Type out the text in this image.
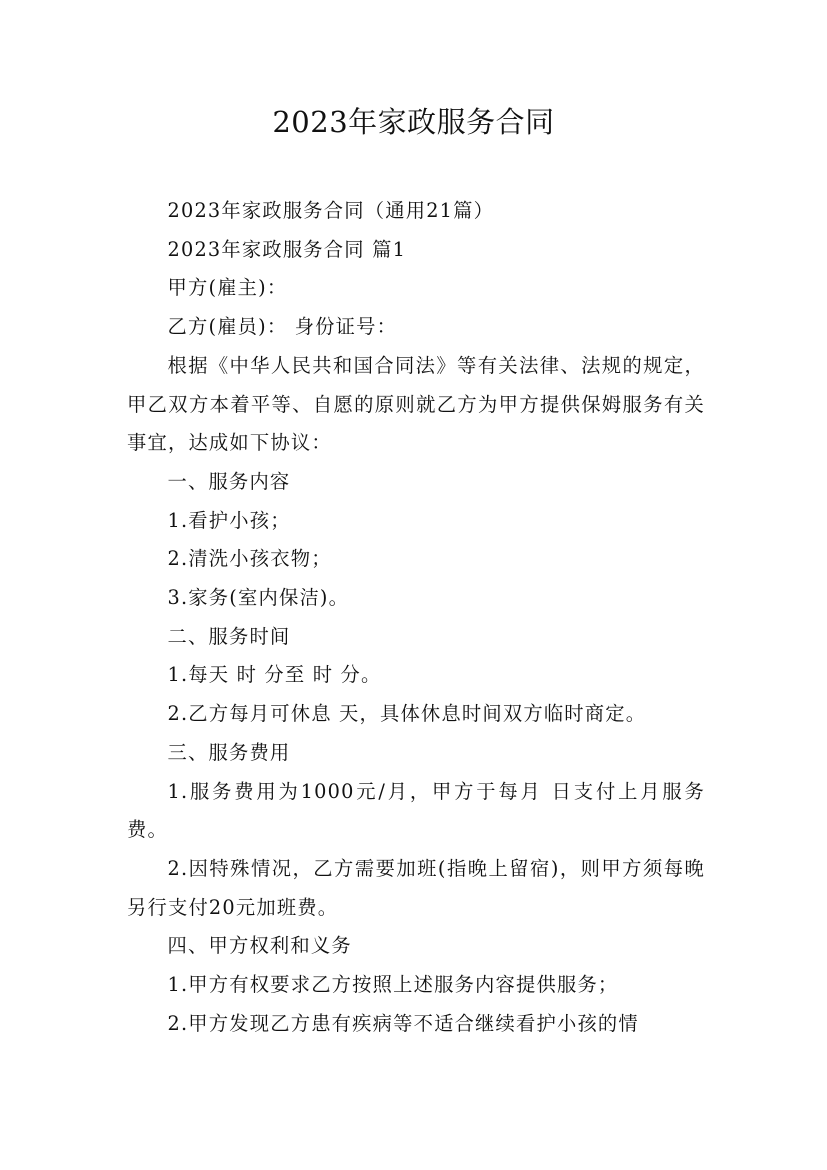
2023年家政服务合同

2023年家政服务合同（通用21篇）

2023年家政服务合同 篇1

甲方(雇主)：

乙方(雇员)： 身份证号：

根据《中华人民共和国合同法》等有关法律、法规的规定，甲乙双方本着平等、自愿的原则就乙方为甲方提供保姆服务有关事宜，达成如下协议：

一、服务内容

1.看护小孩；

2.清洗小孩衣物；

3.家务(室内保洁)。

二、服务时间

1.每天 时 分至 时 分。

2.乙方每月可休息 天，具体休息时间双方临时商定。

三、服务费用

1.服务费用为1000元/月，甲方于每月 日支付上月服务费。

2.因特殊情况，乙方需要加班(指晚上留宿)，则甲方须每晚另行支付20元加班费。

四、甲方权利和义务

1.甲方有权要求乙方按照上述服务内容提供服务；

2.甲方发现乙方患有疾病等不适合继续看护小孩的情
